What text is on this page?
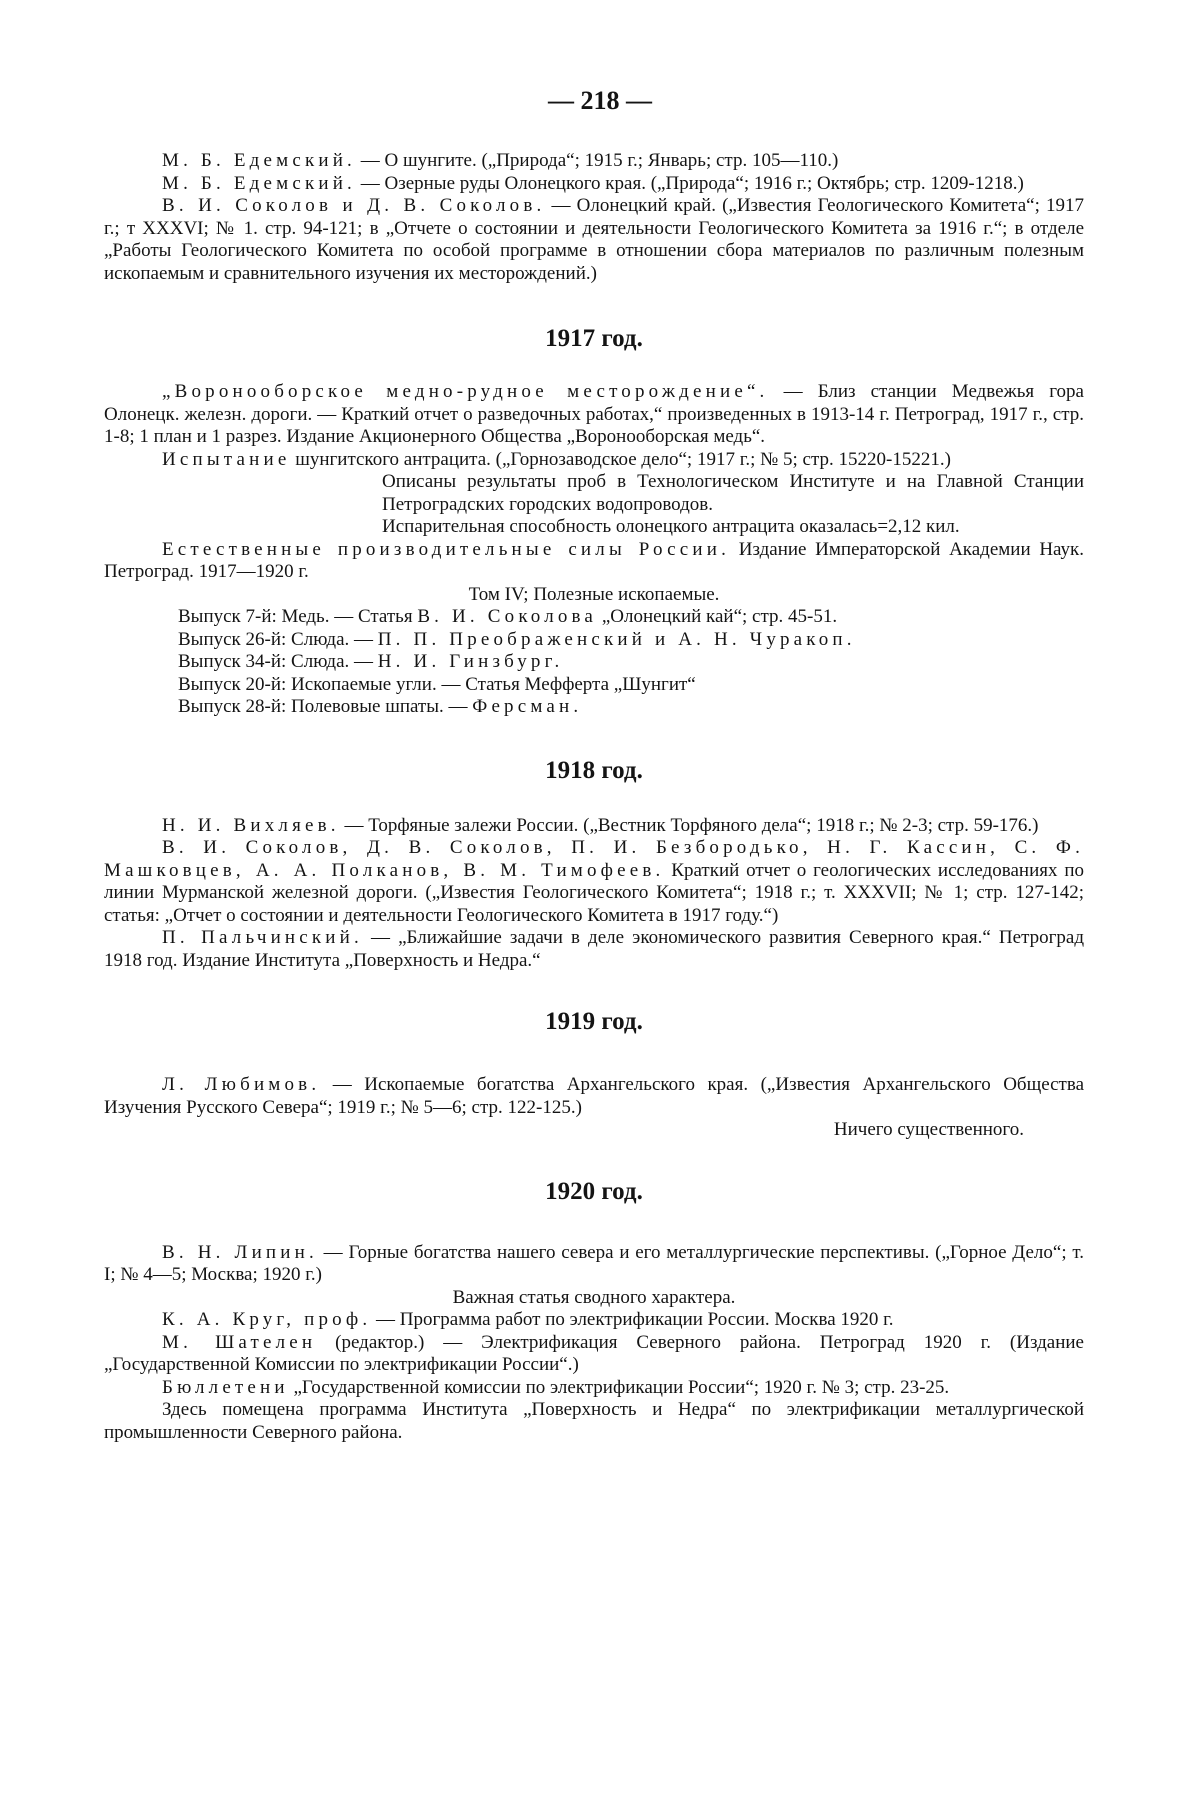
— 218 —

М. Б. Едемский. — О шунгите. („Природа“; 1915 г.; Январь; стр. 105—110.)

М. Б. Едемский. — Озерные руды Олонецкого края. („Природа“; 1916 г.; Октябрь; стр. 1209-1218.)

В. И. Соколов и Д. В. Соколов. — Олонецкий край. („Известия Геологического Комитета“; 1917 г.; т XXXVI; № 1. стр. 94-121; в „Отчете о состоянии и деятельности Геологического Комитета за 1916 г.“; в отделе „Работы Геологического Комитета по особой программе в отношении сбора материалов по различным полезным ископаемым и сравнительного изучения их месторождений.)

1917 год.

„Воронооборское медно-рудное месторождение“. — Близ станции Медвежья гора Олонецк. железн. дороги. — Краткий отчет о разведочных работах,“ произведенных в 1913-14 г. Петроград, 1917 г., стр. 1-8; 1 план и 1 разрез. Издание Акционерного Общества „Воронооборская медь“.

Испытание шунгитского антрацита. („Горнозаводское дело“; 1917 г.; № 5; стр. 15220-15221.)

Описаны результаты проб в Технологическом Институте и на Главной Станции Петроградских городских водопроводов.

Испарительная способность олонецкого антрацита оказалась=2,12 кил.

Естественные производительные силы России. Издание Императорской Академии Наук. Петроград. 1917—1920 г.

Том IV; Полезные ископаемые.

Выпуск 7-й: Медь. — Статья В. И. Соколова „Олонецкий кай“; стр. 45-51.

Выпуск 26-й: Слюда. — П. П. Преображенский и А. Н. Чуракоп.

Выпуск 34-й: Слюда. — Н. И. Гинзбург.

Выпуск 20-й: Ископаемые угли. — Статья Мефферта „Шунгит“

Выпуск 28-й: Полевовые шпаты. — Ферсман.

1918 год.

Н. И. Вихляев. — Торфяные залежи России. („Вестник Торфяного дела“; 1918 г.; № 2-3; стр. 59-176.)

В. И. Соколов, Д. В. Соколов, П. И. Безбородько, Н. Г. Кассин, С. Ф. Машковцев, А. А. Полканов, В. М. Тимофеев. Краткий отчет о геологических исследованиях по линии Мурманской железной дороги. („Известия Геологического Комитета“; 1918 г.; т. XXXVII; № 1; стр. 127-142; статья: „Отчет о состоянии и деятельности Геологического Комитета в 1917 году.“)

П. Пальчинский. — „Ближайшие задачи в деле экономического развития Северного края.“ Петроград 1918 год. Издание Института „Поверхность и Недра.“

1919 год.

Л. Любимов. — Ископаемые богатства Архангельского края. („Известия Архангельского Общества Изучения Русского Севера“; 1919 г.; № 5—6; стр. 122-125.)

Ничего существенного.

1920 год.

В. Н. Липин. — Горные богатства нашего севера и его металлургические перспективы. („Горное Дело“; т. I; № 4—5; Москва; 1920 г.)

Важная статья сводного характера.

К. А. Круг, проф. — Программа работ по электрификации России. Москва 1920 г.

М. Шателен (редактор.) — Электрификация Северного района. Петроград 1920 г. (Издание „Государственной Комиссии по электрификации России“.)

Бюллетени „Государственной комиссии по электрификации России“; 1920 г. № 3; стр. 23-25.

Здесь помещена программа Института „Поверхность и Недра“ по электрификации металлургической промышленности Северного района.
